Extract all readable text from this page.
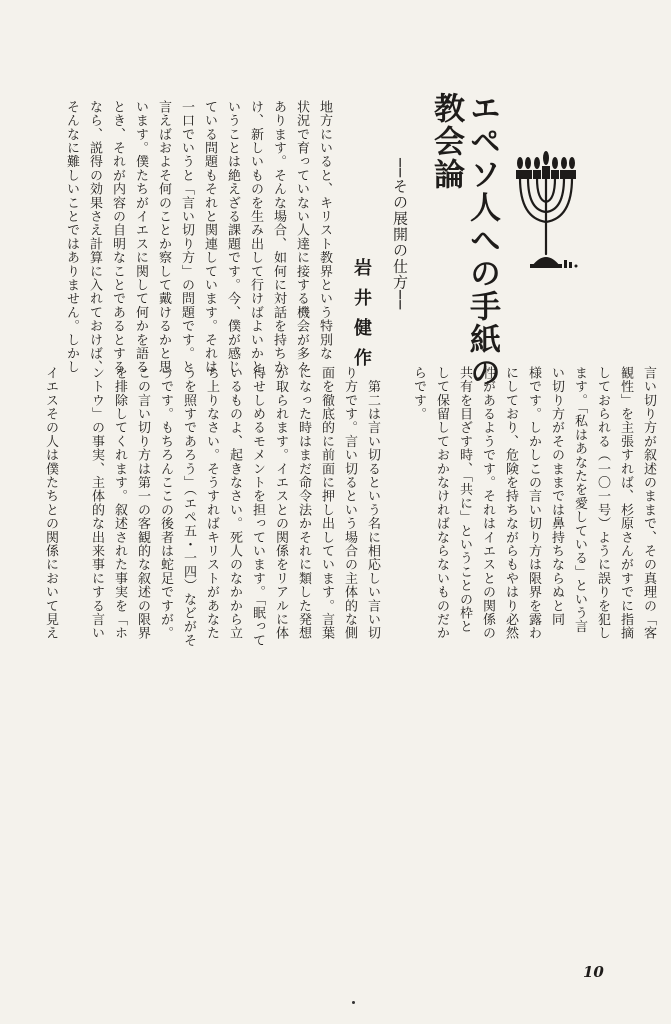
エペソ人への手紙の
教会論
──その展開の仕方──
岩井健作
地方にいると、キリスト教界という特別な
状況で育っていない人達に接する機会が多々
あります。そんな場合、如何に対話を持ちか
け、新しいものを生み出して行けばよいかと
いうことは絶えざる課題です。今、僕が感じ
ている問題もそれと関連しています。それは
一口でいうと「言い切り方」の問題です。と
言えばおよそ何のことか察して戴けるかと思
います。僕たちがイエスに関して何かを語る
とき、それが内容の自明なことであるとする
なら、説得の効果さえ計算に入れておけば、
そんなに難しいことではありません。しかし
言い切り方が叙述のままで、その真理の「客
観性」を主張すれば、杉原さんがすでに指摘
しておられる（一〇一号）ように誤りを犯し
ます。「私はあなたを愛している」という言
い切り方がそのままでは鼻持ちならぬと同
様です。しかしこの言い切り方は限界を露わ
にしており、危険を持ちながらもやはり必然
性があるようです。それはイエスとの関係の
共有を目ざす時、「共に」ということの枠と
して保留しておかなければならないものだか
らです。
　第二は言い切るという名に相応しい言い切
り方です。言い切るという場合の主体的な側
面を徹底的に前面に押し出しています。言葉
になった時はまだ命令法かそれに類した発想
が取られます。イエスとの関係をリアルに体
得せしめるモメントを担っています。「眠って
いるものよ、起きなさい。死人のなかから立
ち上りなさい。そうすればキリストがあなた
うを照すであろう」（エペ五・一四）などがそ
うです。もちろんここの後者は蛇足ですが。
この言い切り方は第一の客観的な叙述の限界
を排除してくれます。叙述された事実を「ホ
ントウ」の事実、主体的な出来事にする言い
イエスその人は僕たちとの関係において見え
10
